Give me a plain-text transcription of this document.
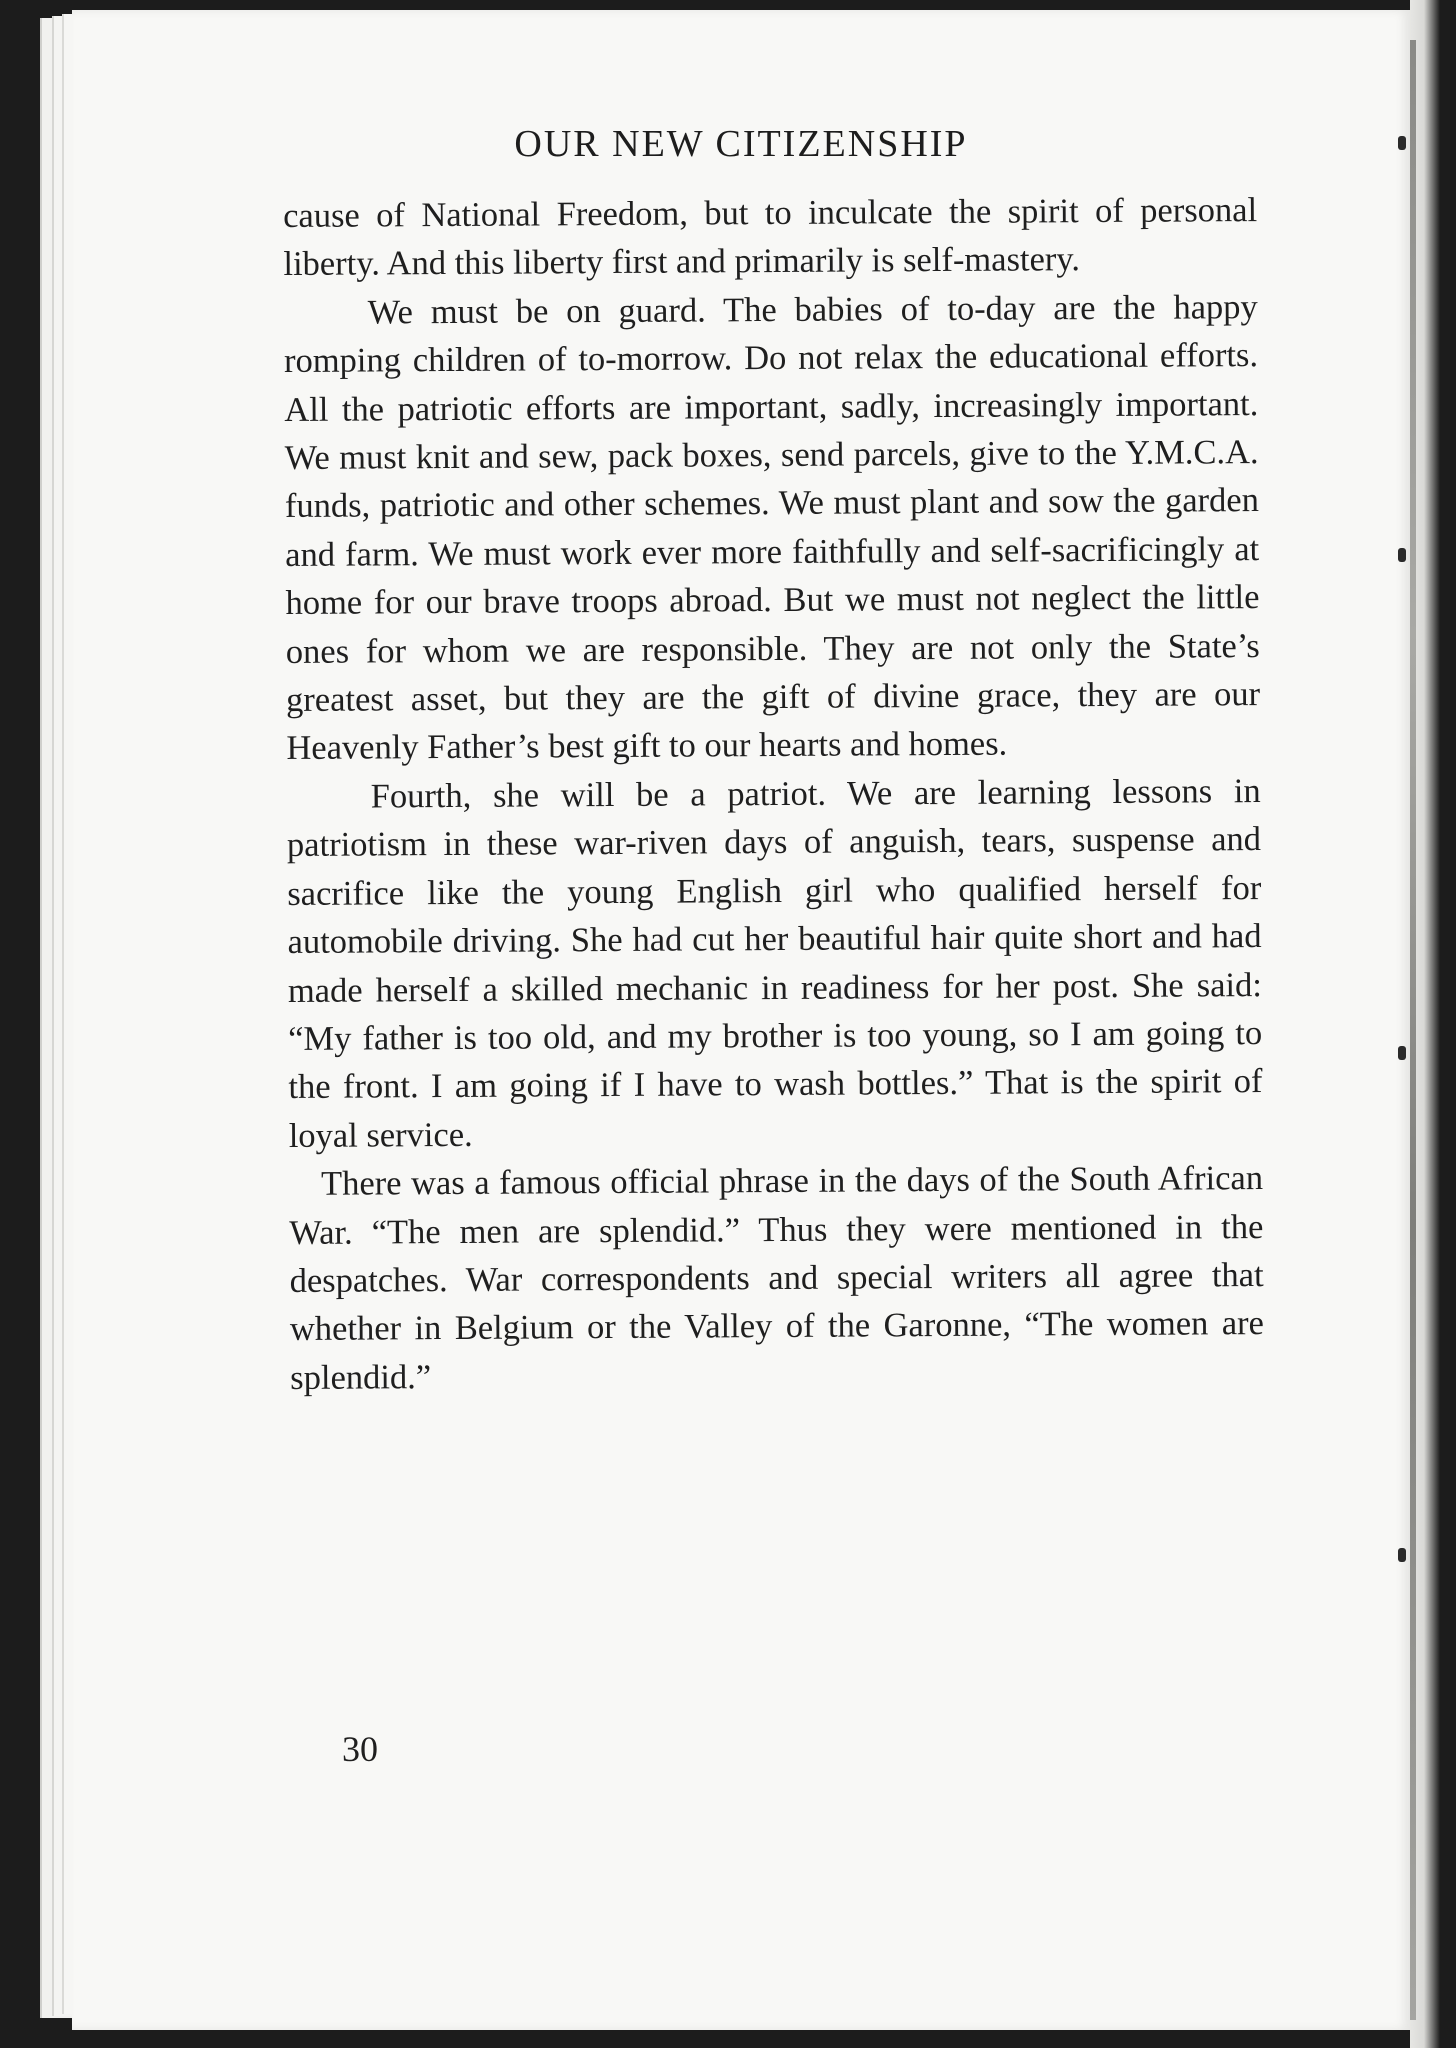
OUR NEW CITIZENSHIP

cause of National Freedom, but to inculcate the spirit of personal liberty. And this liberty first and primarily is self-mastery.

We must be on guard. The babies of to-day are the happy romping children of to-morrow. Do not relax the educational efforts. All the patriotic efforts are important, sadly, increasingly important. We must knit and sew, pack boxes, send parcels, give to the Y.M.C.A. funds, patriotic and other schemes. We must plant and sow the garden and farm. We must work ever more faithfully and self-sacrificingly at home for our brave troops abroad. But we must not neglect the little ones for whom we are responsible. They are not only the State’s greatest asset, but they are the gift of divine grace, they are our Heavenly Father’s best gift to our hearts and homes.

Fourth, she will be a patriot. We are learning lessons in patriotism in these war-riven days of anguish, tears, suspense and sacrifice like the young English girl who qualified herself for automobile driving. She had cut her beautiful hair quite short and had made herself a skilled mechanic in readiness for her post. She said: “My father is too old, and my brother is too young, so I am going to the front. I am going if I have to wash bottles.” That is the spirit of loyal service.

There was a famous official phrase in the days of the South African War. “The men are splendid.” Thus they were mentioned in the despatches. War correspondents and special writers all agree that whether in Belgium or the Valley of the Garonne, “The women are splendid.”

30
